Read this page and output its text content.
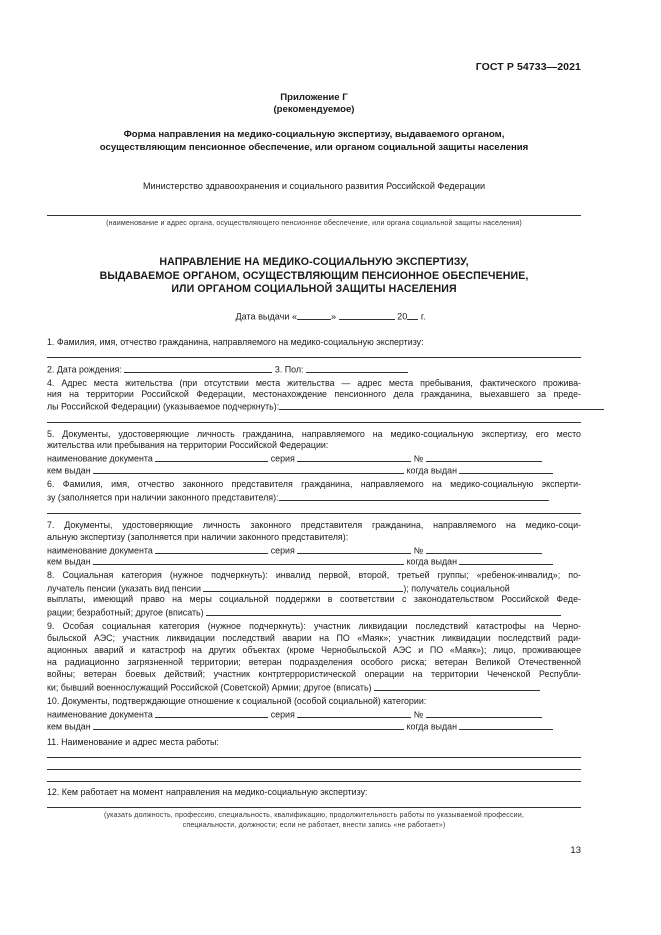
ГОСТ Р 54733—2021
Приложение Г
(рекомендуемое)
Форма направления на медико-социальную экспертизу, выдаваемого органом,
осуществляющим пенсионное обеспечение, или органом социальной защиты населения
Министерство здравоохранения и социального развития Российской Федерации
(наименование и адрес органа, осуществляющего пенсионное обеспечение, или органа социальной защиты населения)
НАПРАВЛЕНИЕ НА МЕДИКО-СОЦИАЛЬНУЮ ЭКСПЕРТИЗУ,
ВЫДАВАЕМОЕ ОРГАНОМ, ОСУЩЕСТВЛЯЮЩИМ ПЕНСИОННОЕ ОБЕСПЕЧЕНИЕ,
ИЛИ ОРГАНОМ СОЦИАЛЬНОЙ ЗАЩИТЫ НАСЕЛЕНИЯ
Дата выдачи «	»	20 г.
1. Фамилия, имя, отчество гражданина, направляемого на медико-социальную экспертизу:
2. Дата рождения:	3. Пол:
4. Адрес места жительства (при отсутствии места жительства — адрес места пребывания, фактического прожива-
ния на территории Российской Федерации, местонахождение пенсионного дела гражданина, выехавшего за преде-
лы Российской Федерации) (указываемое подчеркнуть):
5. Документы, удостоверяющие личность гражданина, направляемого на медико-социальную экспертизу, его место
жительства или пребывания на территории Российской Федерации:
наименование документа	серия	№
кем выдан	когда выдан
6. Фамилия, имя, отчество законного представителя гражданина, направляемого на медико-социальную эксперти-
зу (заполняется при наличии законного представителя):
7. Документы, удостоверяющие личность законного представителя гражданина, направляемого на медико-соци-
альную экспертизу (заполняется при наличии законного представителя):
наименование документа	серия	№
кем выдан	когда выдан
8. Социальная категория (нужное подчеркнуть): инвалид первой, второй, третьей группы; «ребенок-инвалид»; по-
лучатель пенсии (указать вид пенсии	); получатель социальной
выплаты, имеющий право на меры социальной поддержки в соответствии с законодательством Российской Феде-
рации; безработный; другое (вписать)
9. Особая социальная категория (нужное подчеркнуть): участник ликвидации последствий катастрофы на Черно-
быльской АЭС; участник ликвидации последствий аварии на ПО «Маяк»; участник ликвидации последствий ради-
ационных аварий и катастроф на других объектах (кроме Чернобыльской АЭС и ПО «Маяк»); лицо, проживающее
на радиационно загрязненной территории; ветеран подразделения особого риска; ветеран Великой Отечественной
войны; ветеран боевых действий; участник контртеррористической операции на территории Чеченской Республи-
ки; бывший военнослужащий Российской (Советской) Армии; другое (вписать)
10. Документы, подтверждающие отношение к социальной (особой социальной) категории:
наименование документа	серия	№
кем выдан	когда выдан
11. Наименование и адрес места работы:
12. Кем работает на момент направления на медико-социальную экспертизу:
(указать должность, профессию, специальность, квалификацию, продолжительность работы по указываемой профессии,
специальности, должности; если не работает, внести запись «не работает»)
13
